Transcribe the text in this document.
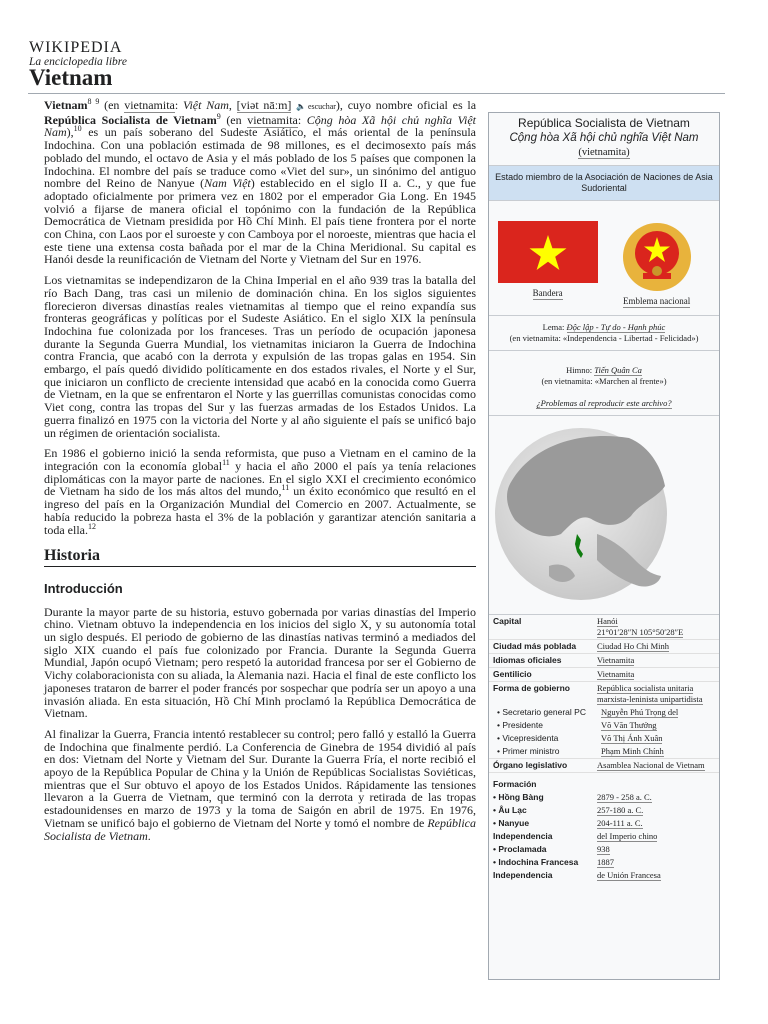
WIKIPEDIA
La enciclopedia libre
Vietnam

Vietnam$^{8 9}$ (en vietnamita: Việt Nam, [viət nāːm] 🔈escuchar), cuyo nombre oficial es la República Socialista de Vietnam$^9$ (en vietnamita: Cộng hòa Xã hội chủ nghĩa Việt Nam),$^{10}$ es un país soberano del Sudeste Asiático, el más oriental de la península Indochina. Con una población estimada de 98 millones, es el decimosexto país más poblado del mundo, el octavo de Asia y el más poblado de los 5 países que componen la Indochina. El nombre del país se traduce como «Viet del sur», un sinónimo del antiguo nombre del Reino de Nanyue (Nam Việt) establecido en el siglo II a. C., y que fue adoptado oficialmente por primera vez en 1802 por el emperador Gia Long. En 1945 volvió a fijarse de manera oficial el topónimo con la fundación de la República Democrática de Vietnam presidida por Hồ Chí Minh. El país tiene frontera por el norte con China, con Laos por el suroeste y con Camboya por el noroeste, mientras que hacia el este tiene una extensa costa bañada por el mar de la China Meridional. Su capital es Hanói desde la reunificación de Vietnam del Norte y Vietnam del Sur en 1976.

Los vietnamitas se independizaron de la China Imperial en el año 939 tras la batalla del río Bach Dang, tras casi un milenio de dominación china. En los siglos siguientes florecieron diversas dinastías reales vietnamitas al tiempo que el reino expandía sus fronteras geográficas y políticas por el Sudeste Asiático. En el siglo XIX la península Indochina fue colonizada por los franceses. Tras un período de ocupación japonesa durante la Segunda Guerra Mundial, los vietnamitas iniciaron la Guerra de Indochina contra Francia, que acabó con la derrota y expulsión de las tropas galas en 1954. Sin embargo, el país quedó dividido políticamente en dos estados rivales, el Norte y el Sur, que iniciaron un conflicto de creciente intensidad que acabó en la conocida como Guerra de Vietnam, en la que se enfrentaron el Norte y las guerrillas comunistas conocidas como Viet cong, contra las tropas del Sur y las fuerzas armadas de los Estados Unidos. La guerra finalizó en 1975 con la victoria del Norte y al año siguiente el país se unificó bajo un régimen de orientación socialista.

En 1986 el gobierno inició la senda reformista, que puso a Vietnam en el camino de la integración con la economía global$^{11}$ y hacia el año 2000 el país ya tenía relaciones diplomáticas con la mayor parte de naciones. En el siglo XXI el crecimiento económico de Vietnam ha sido de los más altos del mundo,$^{11}$ un éxito económico que resultó en el ingreso del país en la Organización Mundial del Comercio en 2007. Actualmente, se había reducido la pobreza hasta el 3% de la población y garantizar atención sanitaria a toda ella.$^{12}$

Historia
Introducción

Durante la mayor parte de su historia, estuvo gobernada por varias dinastías del Imperio chino. Vietnam obtuvo la independencia en los inicios del siglo X, y su autonomía total un siglo después. El periodo de gobierno de las dinastías nativas terminó a mediados del siglo XIX cuando el país fue colonizado por Francia. Durante la Segunda Guerra Mundial, Japón ocupó Vietnam; pero respetó la autoridad francesa por ser el Gobierno de Vichy colaboracionista con su aliada, la Alemania nazi. Hacia el final de este conflicto los japoneses trataron de barrer el poder francés por sospechar que podría ser un apoyo a una invasión aliada. En esta situación, Hồ Chí Minh proclamó la República Democrática de Vietnam.

Al finalizar la Guerra, Francia intentó restablecer su control; pero falló y estalló la Guerra de Indochina que finalmente perdió. La Conferencia de Ginebra de 1954 dividió al país en dos: Vietnam del Norte y Vietnam del Sur. Durante la Guerra Fría, el norte recibió el apoyo de la República Popular de China y la Unión de Repúblicas Socialistas Soviéticas, mientras que el Sur obtuvo el apoyo de los Estados Unidos. Rápidamente las tensiones llevaron a la Guerra de Vietnam, que terminó con la derrota y retirada de las tropas estadounidenses en marzo de 1973 y la toma de Saigón en abril de 1975. En 1976, Vietnam se unificó bajo el gobierno de Vietnam del Norte y tomó el nombre de República Socialista de Vietnam.

República Socialista de Vietnam
Cộng hòa Xã hội chủ nghĩa Việt Nam (vietnamita)
Estado miembro de la Asociación de Naciones de Asia Sudoriental
Bandera
Emblema nacional
Lema: Độc lập - Tự do - Hạnh phúc
(en vietnamita: «Independencia - Libertad - Felicidad»)
Himno: Tiến Quân Ca
(en vietnamita: «Marchen al frente»)

¿Problemas al reproducir este archivo?
Capital	Hanói
21°01′28″N 105°50′28″E
Ciudad más poblada	Ciudad Ho Chi Minh
Idiomas oficiales	Vietnamita
Gentilicio	Vietnamita
Forma de gobierno	República socialista unitaria marxista-leninista unipartidista
• Secretario general PC	Nguyễn Phú Trọng del
• Presidente	Võ Văn Thưởng
• Vicepresidenta	Võ Thị Ánh Xuân
• Primer ministro	Phạm Minh Chính
Órgano legislativo	Asamblea Nacional de Vietnam
Formación
• Hồng Bàng	2879 - 258 a. C.
• Âu Lạc	257-180 a. C.
• Nanyue	204-111 a. C.
Independencia	del Imperio chino
• Proclamada	938
• Indochina Francesa	1887
Independencia	de Unión Francesa
